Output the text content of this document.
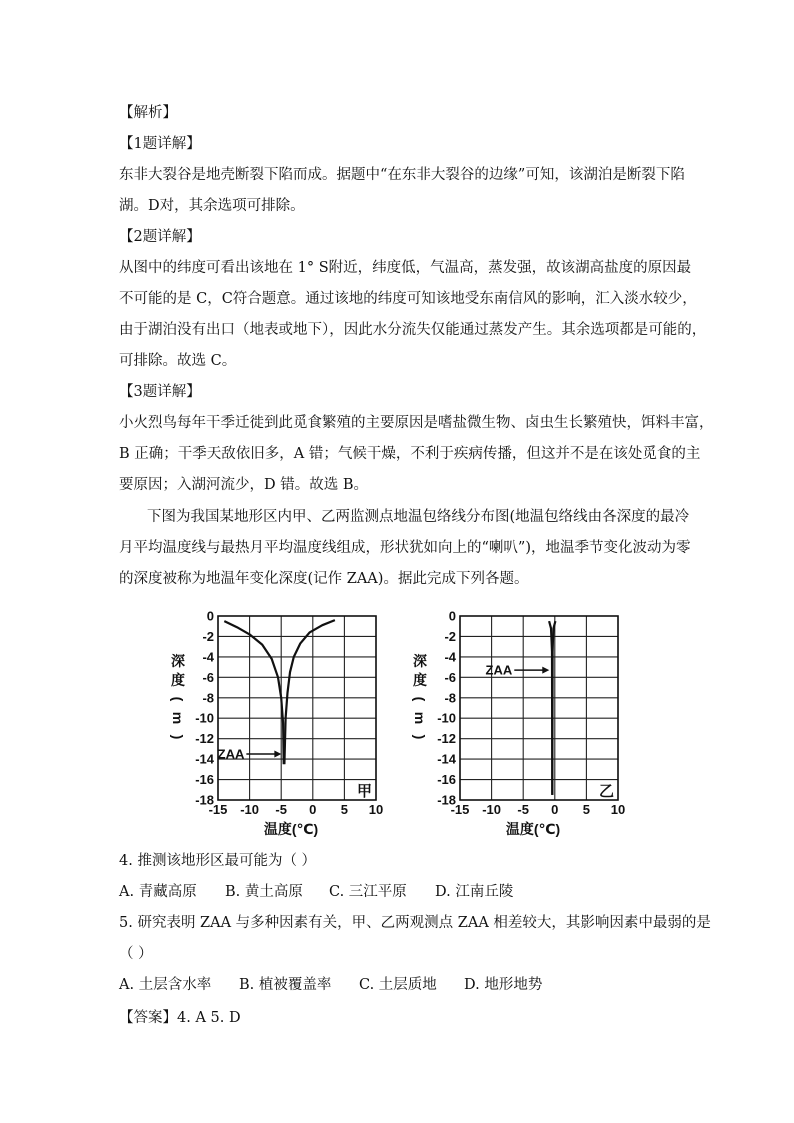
【解析】
【1题详解】
东非大裂谷是地壳断裂下陷而成。据题中“在东非大裂谷的边缘”可知，该湖泊是断裂下陷
湖。D对，其余选项可排除。
【2题详解】
从图中的纬度可看出该地在 1° S附近，纬度低，气温高，蒸发强，故该湖高盐度的原因最
不可能的是 C，C符合题意。通过该地的纬度可知该地受东南信风的影响，汇入淡水较少，
由于湖泊没有出口（地表或地下），因此水分流失仅能通过蒸发产生。其余选项都是可能的，
可排除。故选 C。
【3题详解】
小火烈鸟每年干季迁徙到此觅食繁殖的主要原因是嗜盐微生物、卤虫生长繁殖快，饵料丰富，
B 正确；干季天敌依旧多，A 错；气候干燥，不利于疾病传播，但这并不是在该处觅食的主
要原因；入湖河流少，D 错。故选 B。
下图为我国某地形区内甲、乙两监测点地温包络线分布图(地温包络线由各深度的最冷
月平均温度线与最热月平均温度线组成，形状犹如向上的“喇叭”)，地温季节变化波动为零
的深度被称为地温年变化深度(记作 ZAA)。据此完成下列各题。
0
-2
-4
-6
-8
-10
-12
-14
-16
-18
-15 -10 -5 0 5 10
温度(℃)
深
度
(
m
)
ZAA
甲
0
-2
-4
-6
-8
-10
-12
-14
-16
-18
-15 -10 -5 0 5 10
温度(℃)
深
度
(
m
)
ZAA
乙
4. 推测该地形区最可能为（ ）
A. 青藏高原 B. 黄土高原 C. 三江平原 D. 江南丘陵
5. 研究表明 ZAA 与多种因素有关，甲、乙两观测点 ZAA 相差较大，其影响因素中最弱的是
（ ）
A. 土层含水率 B. 植被覆盖率 C. 土层质地 D. 地形地势
【答案】4. A 5. D
